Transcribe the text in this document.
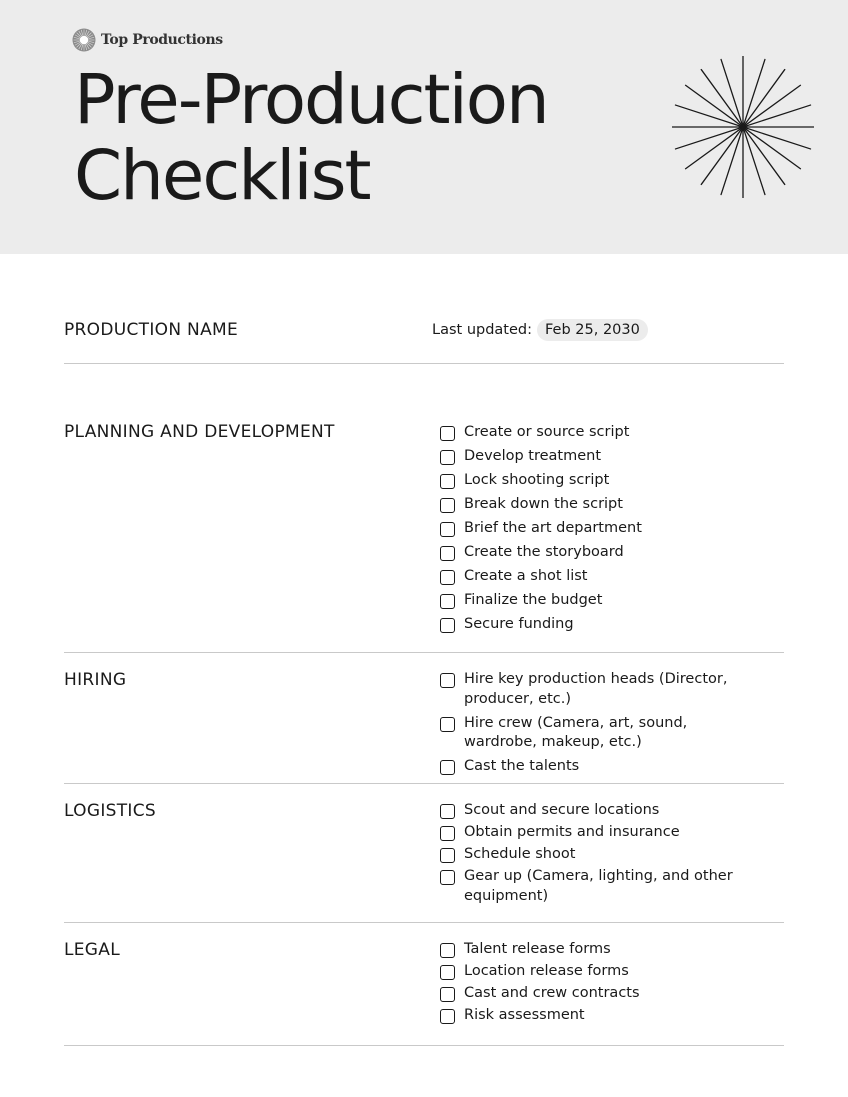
Top Productions
Pre-Production
Checklist
PRODUCTION NAME	Last updated: Feb 25, 2030
PLANNING AND DEVELOPMENT	Create or source script
Develop treatment
Lock shooting script
Break down the script
Brief the art department
Create the storyboard
Create a shot list
Finalize the budget
Secure funding
HIRING	Hire key production heads (Director, producer, etc.)
Hire crew (Camera, art, sound, wardrobe, makeup, etc.)
Cast the talents
LOGISTICS	Scout and secure locations
Obtain permits and insurance
Schedule shoot
Gear up (Camera, lighting, and other equipment)
LEGAL	Talent release forms
Location release forms
Cast and crew contracts
Risk assessment
